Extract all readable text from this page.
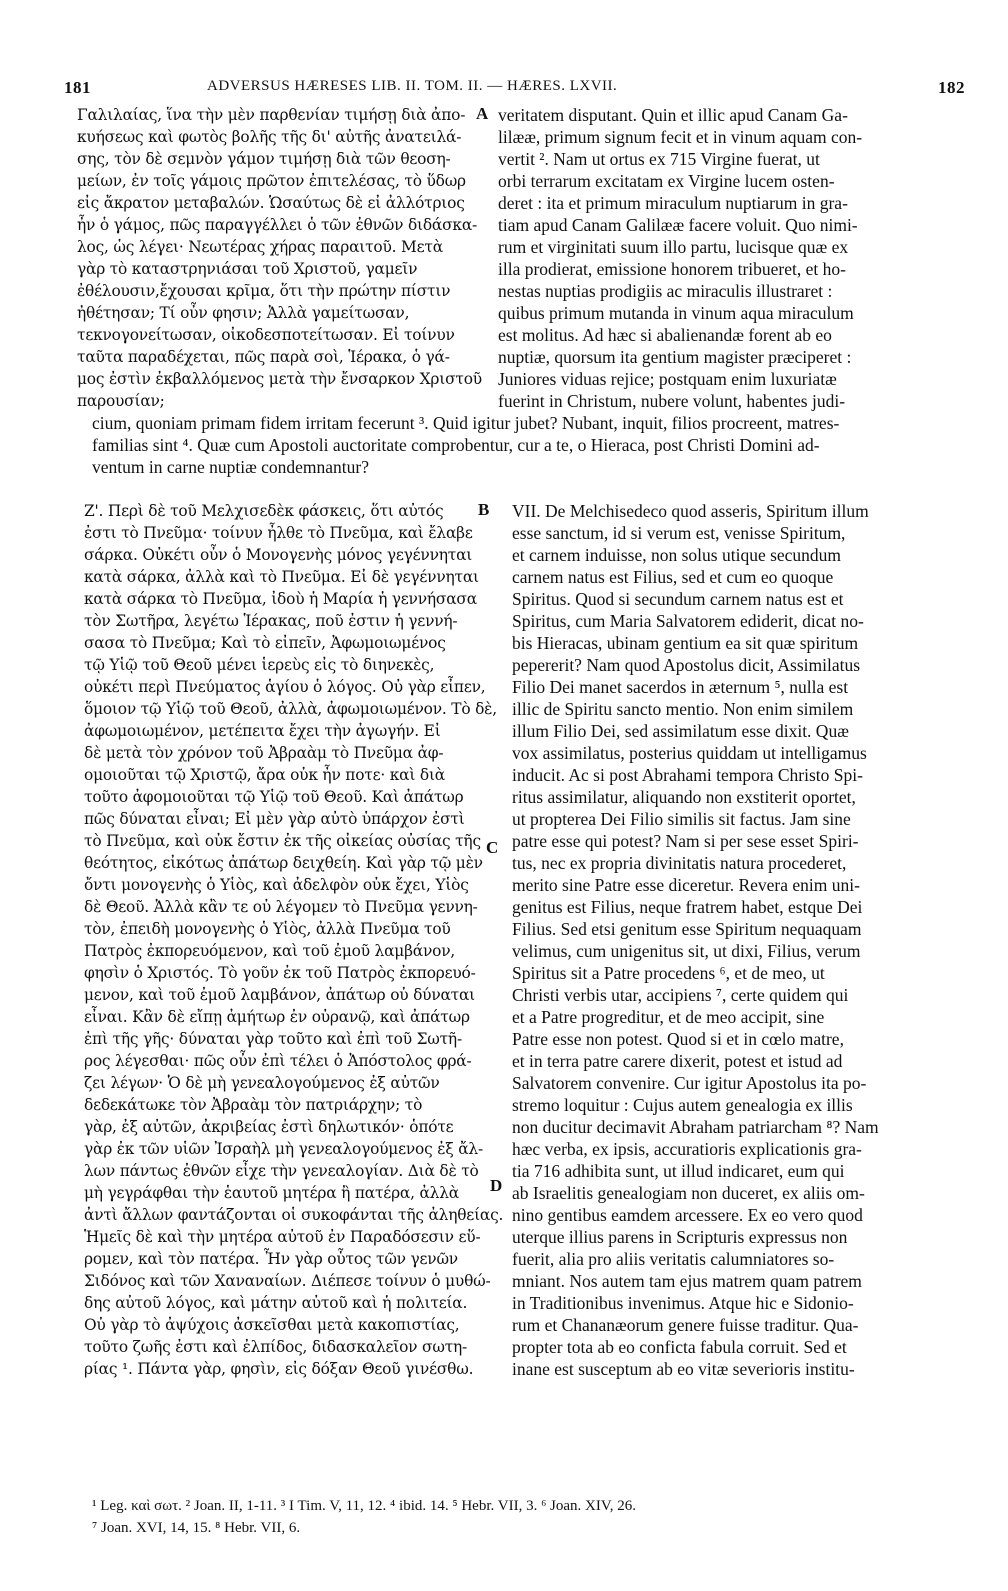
181	ADVERSUS HÆRESES LIB. II. TOM. II. — HÆRES. LXVII.	182

Γαλιλαίας, ἵνα τὴν μὲν παρθενίαν τιμήσῃ διὰ ἀπο-

κυήσεως καὶ φωτὸς βολῆς τῆς δι' αὐτῆς ἀνατειλά-

σης, τὸν δὲ σεμνὸν γάμον τιμήσῃ διὰ τῶν θεοση-

μείων, ἐν τοῖς γάμοις πρῶτον ἐπιτελέσας, τὸ ὕδωρ

εἰς ἄκρατον μεταβαλών. Ὡσαύτως δὲ εἰ ἀλλότριος

ἦν ὁ γάμος, πῶς παραγγέλλει ὁ τῶν ἐθνῶν διδάσκα-

λος, ὡς λέγει· Νεωτέρας χήρας παραιτοῦ. Μετὰ

γὰρ τὸ καταστρηνιάσαι τοῦ Χριστοῦ, γαμεῖν

ἐθέλουσιν,ἔχουσαι κρῖμα, ὅτι τὴν πρώτην πίστιν

ἠθέτησαν; Τί οὖν φησιν; Ἀλλὰ γαμείτωσαν,

τεκνογονείτωσαν, οἰκοδεσποτείτωσαν. Εἰ τοίνυν

ταῦτα παραδέχεται, πῶς παρὰ σοὶ, Ἱέρακα, ὁ γά-

μος ἐστὶν ἐκβαλλόμενος μετὰ τὴν ἔνσαρκον Χριστοῦ

παρουσίαν;

veritatem disputant. Quin et illic apud Canam Ga-

lilææ, primum signum fecit et in vinum aquam con-

vertit ². Nam ut ortus ex 715 Virgine fuerat, ut

orbi terrarum excitatam ex Virgine lucem osten-

deret : ita et primum miraculum nuptiarum in gra-

tiam apud Canam Galilææ facere voluit. Quo nimi-

rum et virginitati suum illo partu, lucisque quæ ex

illa prodierat, emissione honorem tribueret, et ho-

nestas nuptias prodigiis ac miraculis illustraret :

quibus primum mutanda in vinum aqua miraculum

est molitus. Ad hæc si abalienandæ forent ab eo

nuptiæ, quorsum ita gentium magister præciperet :

Juniores viduas rejice; postquam enim luxuriatæ

fuerint in Christum, nubere volunt, habentes judi-

cium, quoniam primam fidem irritam fecerunt ³. Quid igitur jubet? Nubant, inquit, filios procreent, matres-

familias sint ⁴. Quæ cum Apostoli auctoritate comprobentur, cur a te, o Hieraca, post Christi Domini ad-

ventum in carne nuptiæ condemnantur?

Ζ'. Περὶ δὲ τοῦ Μελχισεδὲκ φάσκεις, ὅτι αὐτός

ἐστι τὸ Πνεῦμα· τοίνυν ἦλθε τὸ Πνεῦμα, καὶ ἔλαβε

σάρκα. Οὐκέτι οὖν ὁ Μονογενὴς μόνος γεγέννηται

κατὰ σάρκα, ἀλλὰ καὶ τὸ Πνεῦμα. Εἰ δὲ γεγέννηται

κατὰ σάρκα τὸ Πνεῦμα, ἰδοὺ ἡ Μαρία ἡ γεννήσασα

τὸν Σωτῆρα, λεγέτω Ἱέρακας, ποῦ ἐστιν ἡ γεννή-

σασα τὸ Πνεῦμα; Καὶ τὸ εἰπεῖν, Ἀφωμοιωμένος

τῷ Υἱῷ τοῦ Θεοῦ μένει ἱερεὺς εἰς τὸ διηνεκὲς,

οὐκέτι περὶ Πνεύματος ἁγίου ὁ λόγος. Οὐ γὰρ εἶπεν,

ὅμοιον τῷ Υἱῷ τοῦ Θεοῦ, ἀλλὰ, ἀφωμοιωμένον. Τὸ δὲ,

ἀφωμοιωμένον, μετέπειτα ἔχει τὴν ἀγωγήν. Εἰ

δὲ μετὰ τὸν χρόνον τοῦ Ἀβραὰμ τὸ Πνεῦμα ἀφ-

ομοιοῦται τῷ Χριστῷ, ἄρα οὐκ ἦν ποτε· καὶ διὰ

τοῦτο ἀφομοιοῦται τῷ Υἱῷ τοῦ Θεοῦ. Καὶ ἀπάτωρ

πῶς δύναται εἶναι; Εἰ μὲν γὰρ αὐτὸ ὑπάρχον ἐστὶ

τὸ Πνεῦμα, καὶ οὐκ ἔστιν ἐκ τῆς οἰκείας οὐσίας τῆς

θεότητος, εἰκότως ἀπάτωρ δειχθείη. Καὶ γὰρ τῷ μὲν

ὄντι μονογενὴς ὁ Υἱὸς, καὶ ἀδελφὸν οὐκ ἔχει, Υἱὸς

δὲ Θεοῦ. Ἀλλὰ κἂν τε οὐ λέγομεν τὸ Πνεῦμα γεννη-

τὸν, ἐπειδὴ μονογενὴς ὁ Υἱὸς, ἀλλὰ Πνεῦμα τοῦ

Πατρὸς ἐκπορευόμενον, καὶ τοῦ ἐμοῦ λαμβάνον,

φησὶν ὁ Χριστός. Τὸ γοῦν ἐκ τοῦ Πατρὸς ἐκπορευό-

μενον, καὶ τοῦ ἐμοῦ λαμβάνον, ἀπάτωρ οὐ δύναται

εἶναι. Κἂν δὲ εἴπῃ ἀμήτωρ ἐν οὐρανῷ, καὶ ἀπάτωρ

ἐπὶ τῆς γῆς· δύναται γὰρ τοῦτο καὶ ἐπὶ τοῦ Σωτῆ-

ρος λέγεσθαι· πῶς οὖν ἐπὶ τέλει ὁ Ἀπόστολος φρά-

ζει λέγων· Ὁ δὲ μὴ γενεαλογούμενος ἐξ αὐτῶν

δεδεκάτωκε τὸν Ἀβραὰμ τὸν πατριάρχην; τὸ

γὰρ, ἐξ αὐτῶν, ἀκριβείας ἐστὶ δηλωτικόν· ὁπότε

γὰρ ἐκ τῶν υἱῶν Ἰσραὴλ μὴ γενεαλογούμενος ἐξ ἄλ-

λων πάντως ἐθνῶν εἶχε τὴν γενεαλογίαν. Διὰ δὲ τὸ

μὴ γεγράφθαι τὴν ἑαυτοῦ μητέρα ἢ πατέρα, ἀλλὰ

ἀντὶ ἄλλων φαντάζονται οἱ συκοφάνται τῆς ἀληθείας.

Ἡμεῖς δὲ καὶ τὴν μητέρα αὐτοῦ ἐν Παραδόσεσιν εὕ-

ρομεν, καὶ τὸν πατέρα. Ἦν γὰρ οὗτος τῶν γενῶν

Σιδόνος καὶ τῶν Χαναναίων. Διέπεσε τοίνυν ὁ μυθώ-

δης αὐτοῦ λόγος, καὶ μάτην αὐτοῦ καὶ ἡ πολιτεία.

Οὐ γὰρ τὸ ἀψύχοις ἀσκεῖσθαι μετὰ κακοπιστίας,

τοῦτο ζωῆς ἐστι καὶ ἐλπίδος, διδασκαλεῖον σωτη-

ρίας ¹. Πάντα γὰρ, φησὶν, εἰς δόξαν Θεοῦ γινέσθω.

VII. De Melchisedeco quod asseris, Spiritum illum

esse sanctum, id si verum est, venisse Spiritum,

et carnem induisse, non solus utique secundum

carnem natus est Filius, sed et cum eo quoque

Spiritus. Quod si secundum carnem natus est et

Spiritus, cum Maria Salvatorem ediderit, dicat no-

bis Hieracas, ubinam gentium ea sit quæ spiritum

pepererit? Nam quod Apostolus dicit, Assimilatus

Filio Dei manet sacerdos in æternum ⁵, nulla est

illic de Spiritu sancto mentio. Non enim similem

illum Filio Dei, sed assimilatum esse dixit. Quæ

vox assimilatus, posterius quiddam ut intelligamus

inducit. Ac si post Abrahami tempora Christo Spi-

ritus assimilatur, aliquando non exstiterit oportet,

ut propterea Dei Filio similis sit factus. Jam sine

patre esse qui potest? Nam si per sese esset Spiri-

tus, nec ex propria divinitatis natura procederet,

merito sine Patre esse diceretur. Revera enim uni-

genitus est Filius, neque fratrem habet, estque Dei

Filius. Sed etsi genitum esse Spiritum nequaquam

velimus, cum unigenitus sit, ut dixi, Filius, verum

Spiritus sit a Patre procedens ⁶, et de meo, ut

Christi verbis utar, accipiens ⁷, certe quidem qui

et a Patre progreditur, et de meo accipit, sine

Patre esse non potest. Quod si et in cœlo matre,

et in terra patre carere dixerit, potest et istud ad

Salvatorem convenire. Cur igitur Apostolus ita po-

stremo loquitur : Cujus autem genealogia ex illis

non ducitur decimavit Abraham patriarcham ⁸? Nam

hæc verba, ex ipsis, accuratioris explicationis gra-

tia 716 adhibita sunt, ut illud indicaret, eum qui

ab Israelitis genealogiam non duceret, ex aliis om-

nino gentibus eamdem arcessere. Ex eo vero quod

uterque illius parens in Scripturis expressus non

fuerit, alia pro aliis veritatis calumniatores so-

mniant. Nos autem tam ejus matrem quam patrem

in Traditionibus invenimus. Atque hic e Sidonio-

rum et Chananæorum genere fuisse traditur. Qua-

propter tota ab eo conficta fabula corruit. Sed et

inane est susceptum ab eo vitæ severioris institu-

A
B
C
D

¹ Leg. καὶ σωτ. ² Joan. II, 1-11. ³ I Tim. V, 11, 12. ⁴ ibid. 14. ⁵ Hebr. VII, 3. ⁶ Joan. XIV, 26.

⁷ Joan. XVI, 14, 15. ⁸ Hebr. VII, 6.
